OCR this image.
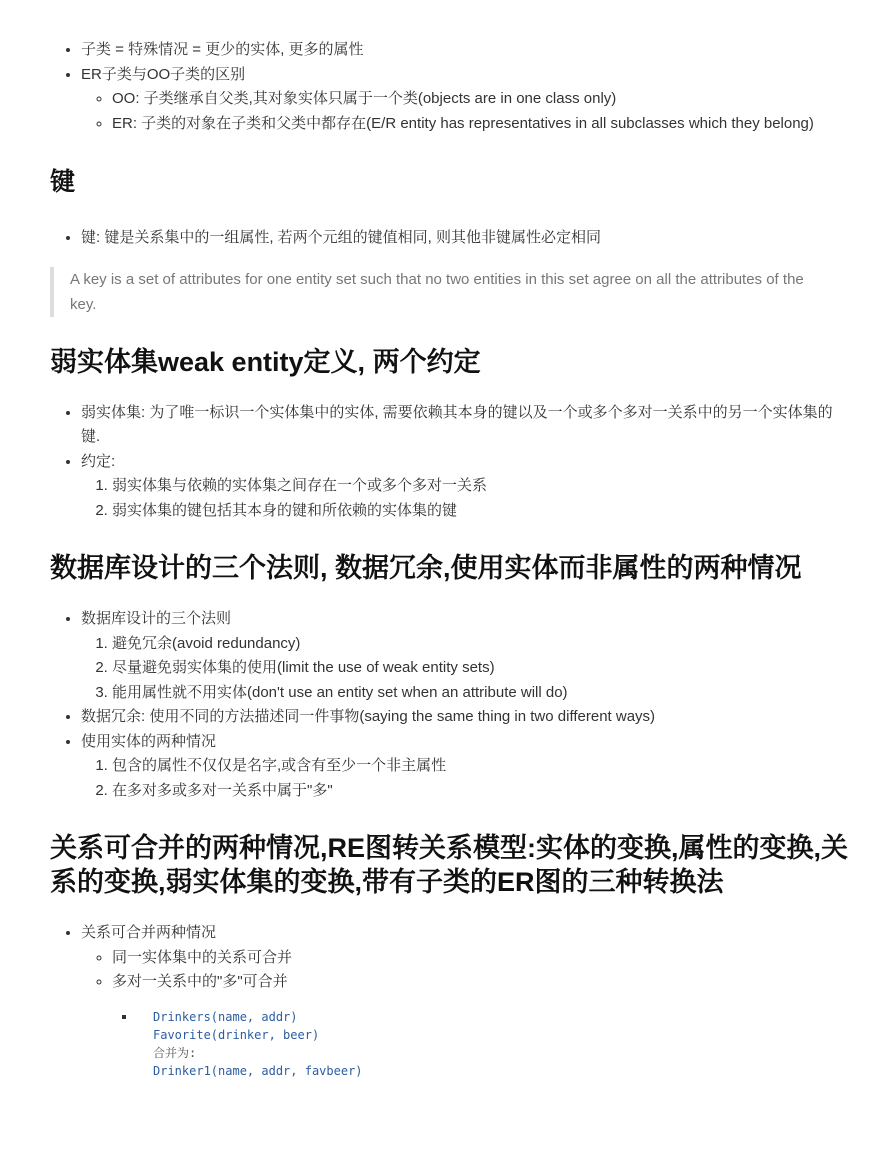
• 子类 = 特殊情况 = 更少的实体, 更多的属性
• ER子类与OO子类的区别
◦ OO: 子类继承自父类,其对象实体只属于一个类(objects are in one class only)
◦ ER: 子类的对象在子类和父类中都存在(E/R entity has representatives in all subclasses which they belong)
键
• 键: 键是关系集中的一组属性, 若两个元组的键值相同, 则其他非键属性必定相同
A key is a set of attributes for one entity set such that no two entities in this set agree on all the attributes of the key.
弱实体集weak entity定义, 两个约定
• 弱实体集: 为了唯一标识一个实体集中的实体, 需要依赖其本身的键以及一个或多个多对一关系中的另一个实体集的键.
• 约定:
1. 弱实体集与依赖的实体集之间存在一个或多个多对一关系
2. 弱实体集的键包括其本身的键和所依赖的实体集的键
数据库设计的三个法则, 数据冗余,使用实体而非属性的两种情况
• 数据库设计的三个法则
1. 避免冗余(avoid redundancy)
2. 尽量避免弱实体集的使用(limit the use of weak entity sets)
3. 能用属性就不用实体(don't use an entity set when an attribute will do)
• 数据冗余: 使用不同的方法描述同一件事物(saying the same thing in two different ways)
• 使用实体的两种情况
1. 包含的属性不仅仅是名字,或含有至少一个非主属性
2. 在多对多或多对一关系中属于"多"
关系可合并的两种情况,RE图转关系模型:实体的变换,属性的变换,关系的变换,弱实体集的变换,带有子类的ER图的三种转换法
• 关系可合并两种情况
◦ 同一实体集中的关系可合并
◦ 多对一关系中的"多"可合并
▪ Drinkers(name, addr)
Favorite(drinker, beer)
合并为:
Drinker1(name, addr, favbeer)
